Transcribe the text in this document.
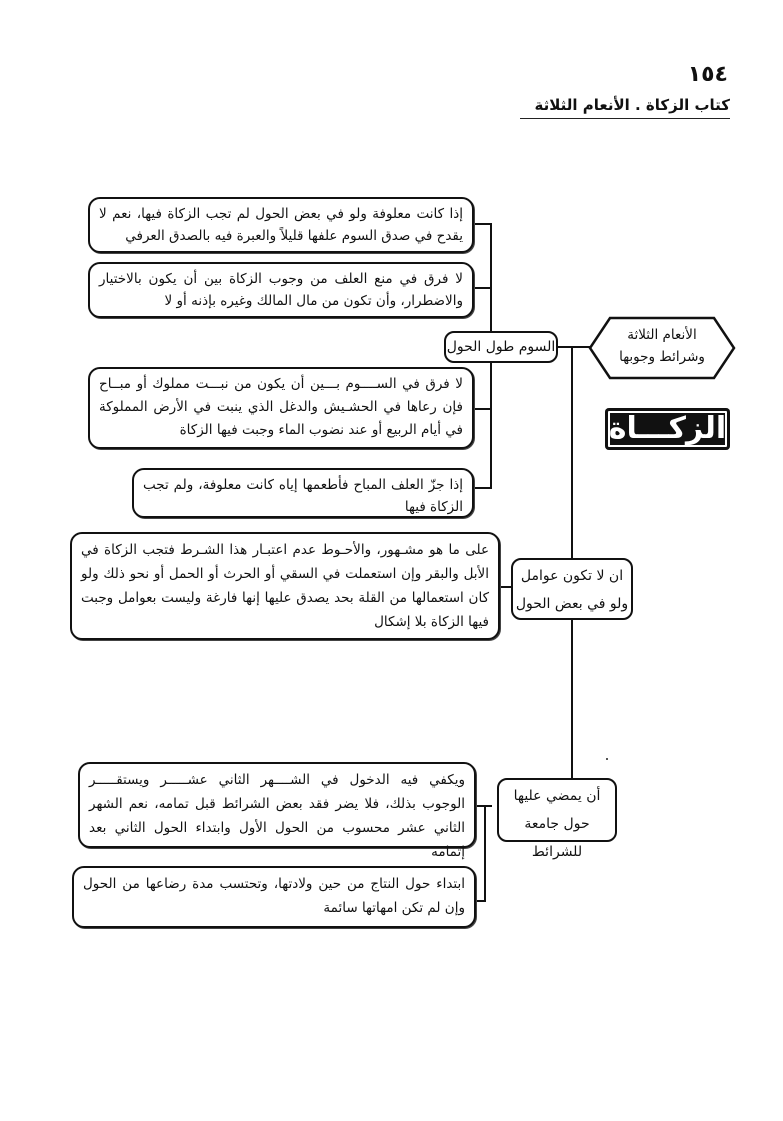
١٥٤
كتاب الزكاة . الأنعام الثلاثة
الأنعام الثلاثة وشرائط وجوبها
الزكـــاة
السوم طول الحول
إذا كانت معلوفة ولو في بعض الحول لم تجب الزكاة فيها، نعم لا يقدح في صدق السوم علفها قليلاً والعبرة فيه بالصدق العرفي
لا فرق في منع العلف من وجوب الزكاة بين أن يكون بالاختيار والاضطرار، وأن تكون من مال المالك وغيره بإذنه أو لا
لا فرق في الســــوم بـــين أن يكون من نبـــت مملوك أو مبــاح فإن رعاها في الحشـيش والدغل الذي ينبت في الأرض المملوكة في أيام الربيع أو عند نضوب الماء وجبت فيها الزكاة
إذا جزّ العلف المباح فأطعمها إياه كانت معلوفة، ولم تجب الزكاة فيها
ان لا تكون عوامل ولو في بعض الحول
على ما هو مشـهور، والأحـوط عدم اعتبـار هذا الشـرط فتجب الزكاة في الأبل والبقر وإن استعملت في السقي أو الحرث أو الحمل أو نحو ذلك ولو كان استعمالها من القلة بحد يصدق عليها إنها فارغة وليست بعوامل وجبت فيها الزكاة بلا إشكال
أن يمضي عليها حول جامعة للشرائط
ويكفي فيه الدخول في الشــــهر الثاني عشـــــر ويستقـــــر الوجوب بذلك، فلا يضر فقد بعض الشرائط قبل تمامه، نعم الشهر الثاني عشر محسوب من الحول الأول وابتداء الحول الثاني بعد إتمامه
ابتداء حول النتاج من حين ولادتها، وتحتسب مدة رضاعها من الحول وإن لم تكن امهاتها سائمة
